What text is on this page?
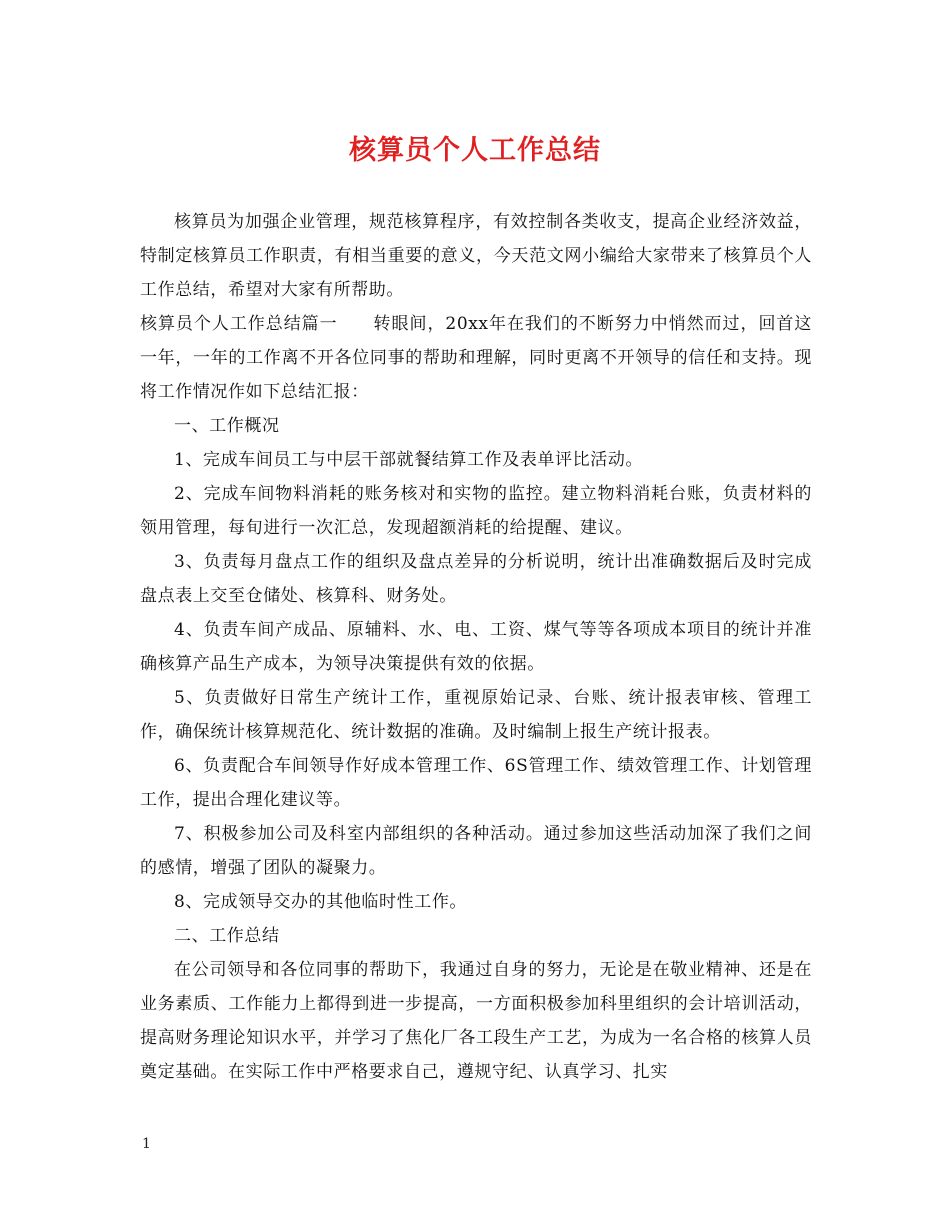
核算员个人工作总结

核算员为加强企业管理，规范核算程序，有效控制各类收支，提高企业经济效益，特制定核算员工作职责，有相当重要的意义，今天范文网小编给大家带来了核算员个人工作总结，希望对大家有所帮助。

核算员个人工作总结篇一　　转眼间，20xx年在我们的不断努力中悄然而过，回首这一年，一年的工作离不开各位同事的帮助和理解，同时更离不开领导的信任和支持。现将工作情况作如下总结汇报：

一、工作概况

1、完成车间员工与中层干部就餐结算工作及表单评比活动。

2、完成车间物料消耗的账务核对和实物的监控。建立物料消耗台账，负责材料的领用管理，每旬进行一次汇总，发现超额消耗的给提醒、建议。

3、负责每月盘点工作的组织及盘点差异的分析说明，统计出准确数据后及时完成盘点表上交至仓储处、核算科、财务处。

4、负责车间产成品、原辅料、水、电、工资、煤气等等各项成本项目的统计并准确核算产品生产成本，为领导决策提供有效的依据。

5、负责做好日常生产统计工作，重视原始记录、台账、统计报表审核、管理工作，确保统计核算规范化、统计数据的准确。及时编制上报生产统计报表。

6、负责配合车间领导作好成本管理工作、6S管理工作、绩效管理工作、计划管理工作，提出合理化建议等。

7、积极参加公司及科室内部组织的各种活动。通过参加这些活动加深了我们之间的感情，增强了团队的凝聚力。

8、完成领导交办的其他临时性工作。

二、工作总结

在公司领导和各位同事的帮助下，我通过自身的努力，无论是在敬业精神、还是在业务素质、工作能力上都得到进一步提高，一方面积极参加科里组织的会计培训活动，提高财务理论知识水平，并学习了焦化厂各工段生产工艺，为成为一名合格的核算人员奠定基础。在实际工作中严格要求自己，遵规守纪、认真学习、扎实

1
